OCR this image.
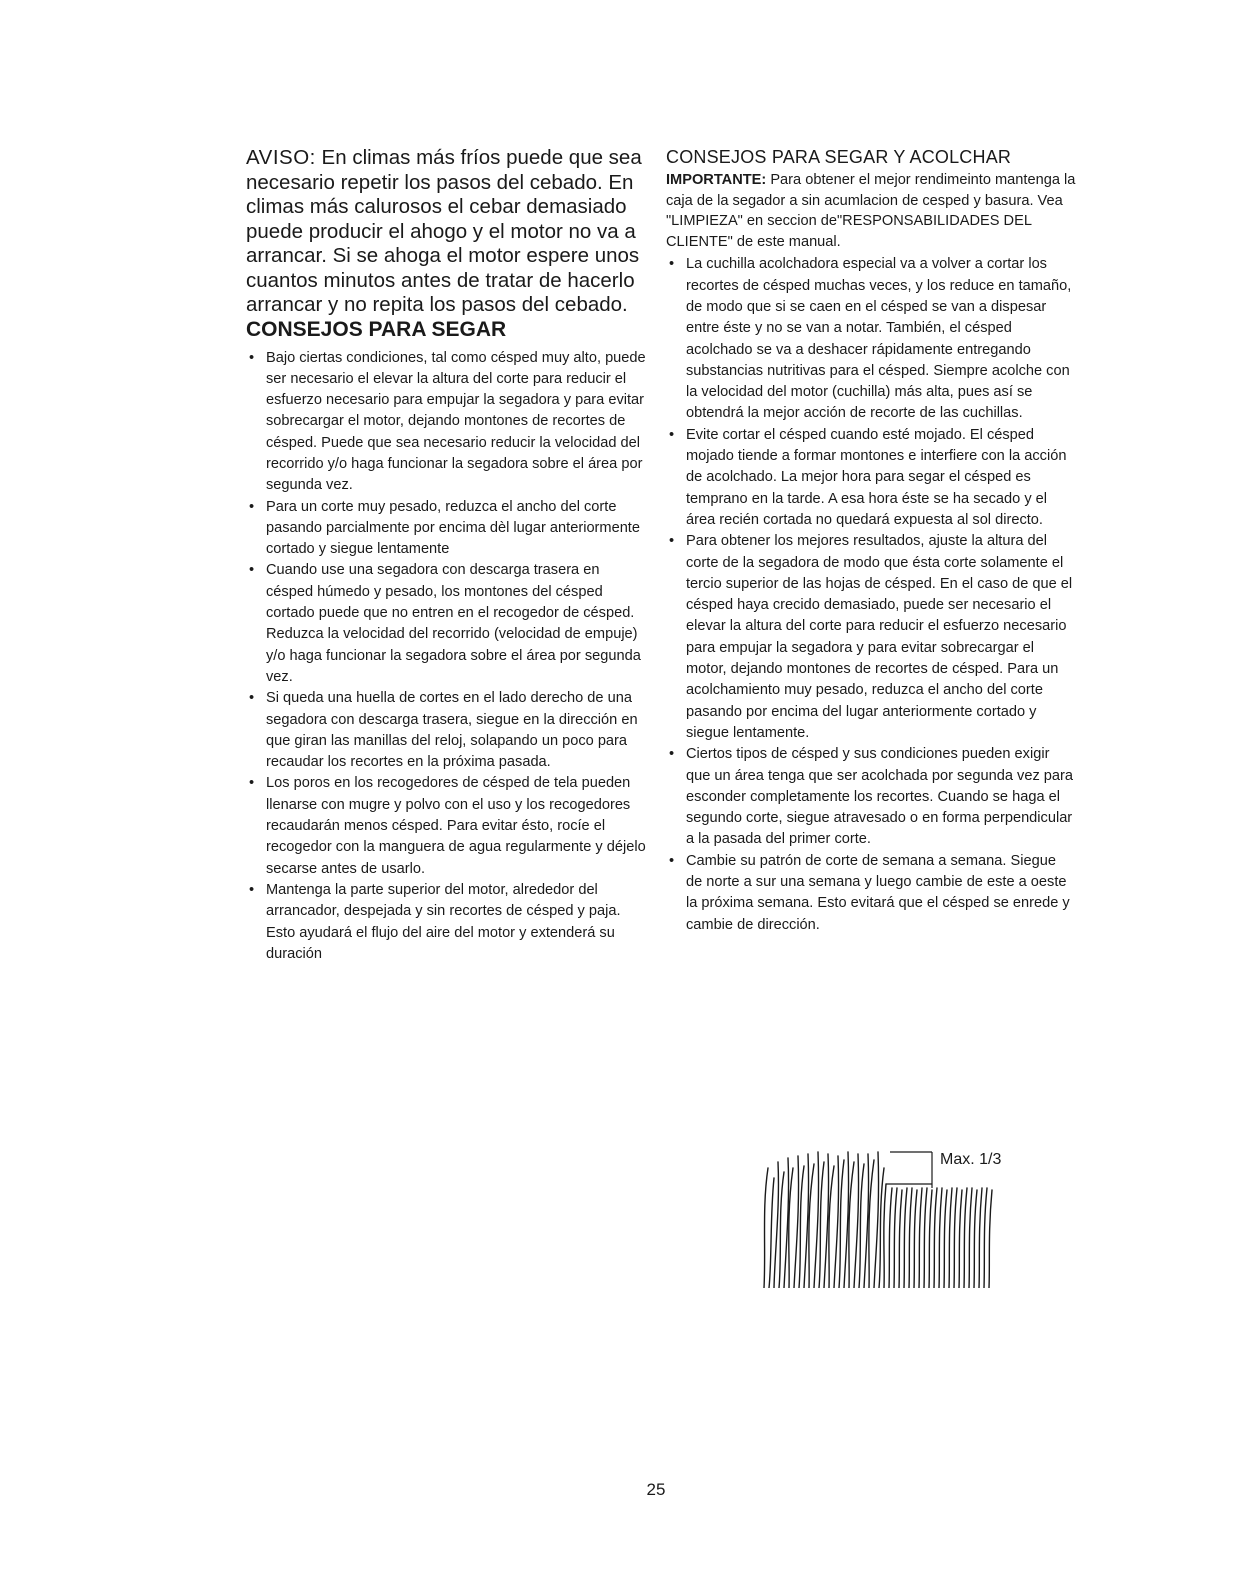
AVISO: En climas más fríos puede que sea necesario repetir los pasos del cebado. En climas más calurosos el cebar demasiado puede producir el ahogo y el motor no va a arrancar. Si se ahoga el motor espere unos cuantos minutos antes de tratar de hacerlo arrancar y no repita los pasos del cebado.

CONSEJOS PARA SEGAR
• Bajo ciertas condiciones, tal como césped muy alto, puede ser necesario el elevar la altura del corte para reducir el esfuerzo necesario para empujar la segadora y para evitar sobrecargar el motor, dejando montones de recortes de césped. Puede que sea necesario reducir la velocidad del recorrido y/o haga funcionar la segadora sobre el área por segunda vez.
• Para un corte muy pesado, reduzca el ancho del corte pasando parcialmente por encima dèl lugar anteriormente cortado y siegue lentamente
• Cuando use una segadora con descarga trasera en césped húmedo y pesado, los montones del césped cortado puede que no entren en el recogedor de césped. Reduzca la velocidad del recorrido (velocidad de empuje) y/o haga funcionar la segadora sobre el área por segunda vez.
• Si queda una huella de cortes en el lado derecho de una segadora con descarga trasera, siegue en la dirección en que giran las manillas del reloj, solapando un poco para recaudar los recortes en la próxima pasada.
• Los poros en los recogedores de césped de tela pueden llenarse con mugre y polvo con el uso y los recogedores recaudarán menos césped. Para evitar ésto, rocíe el recogedor con la manguera de agua regularmente y déjelo secarse antes de usarlo.
• Mantenga la parte superior del motor, alrededor del arrancador, despejada y sin recortes de césped y paja. Esto ayudará el flujo del aire del motor y extenderá su duración
CONSEJOS PARA SEGAR Y ACOLCHAR

IMPORTANTE: Para obtener el mejor rendimeinto mantenga la caja de la segador a sin acumlacion de cesped y basura. Vea "LIMPIEZA" en seccion de"RESPONSABILIDADES DEL CLIENTE" de este manual.

• La cuchilla acolchadora especial va a volver a cortar los recortes de césped muchas veces, y los reduce en tamaño, de modo que si se caen en el césped se van a dispesar entre éste y no se van a notar. También, el césped acolchado se va a deshacer rápidamente entregando substancias nutritivas para el césped. Siempre acolche con la velocidad del motor (cuchilla) más alta, pues así se obtendrá la mejor acción de recorte de las cuchillas.
• Evite cortar el césped cuando esté mojado. El césped mojado tiende a formar montones e interfiere con la acción de acolchado. La mejor hora para segar el césped es temprano en la tarde. A esa hora éste se ha secado y el área recién cortada no quedará expuesta al sol directo.
• Para obtener los mejores resultados, ajuste la altura del corte de la segadora de modo que ésta corte solamente el tercio superior de las hojas de césped. En el caso de que el césped haya crecido demasiado, puede ser necesario el elevar la altura del corte para reducir el esfuerzo necesario para empujar la segadora y para evitar sobrecargar el motor, dejando montones de recortes de césped. Para un acolchamiento muy pesado, reduzca el ancho del corte pasando por encima del lugar anteriormente cortado y siegue lentamente.
• Ciertos tipos de césped y sus condiciones pueden exigir que un área tenga que ser acolchada por segunda vez para esconder completamente los recortes. Cuando se haga el segundo corte, siegue atravesado o en forma perpendicular a la pasada del primer corte.
• Cambie su patrón de corte de semana a semana. Siegue de norte a sur una semana y luego cambie de este a oeste la próxima semana. Esto evitará que el césped se enrede y cambie de dirección.
Max. 1/3
25
